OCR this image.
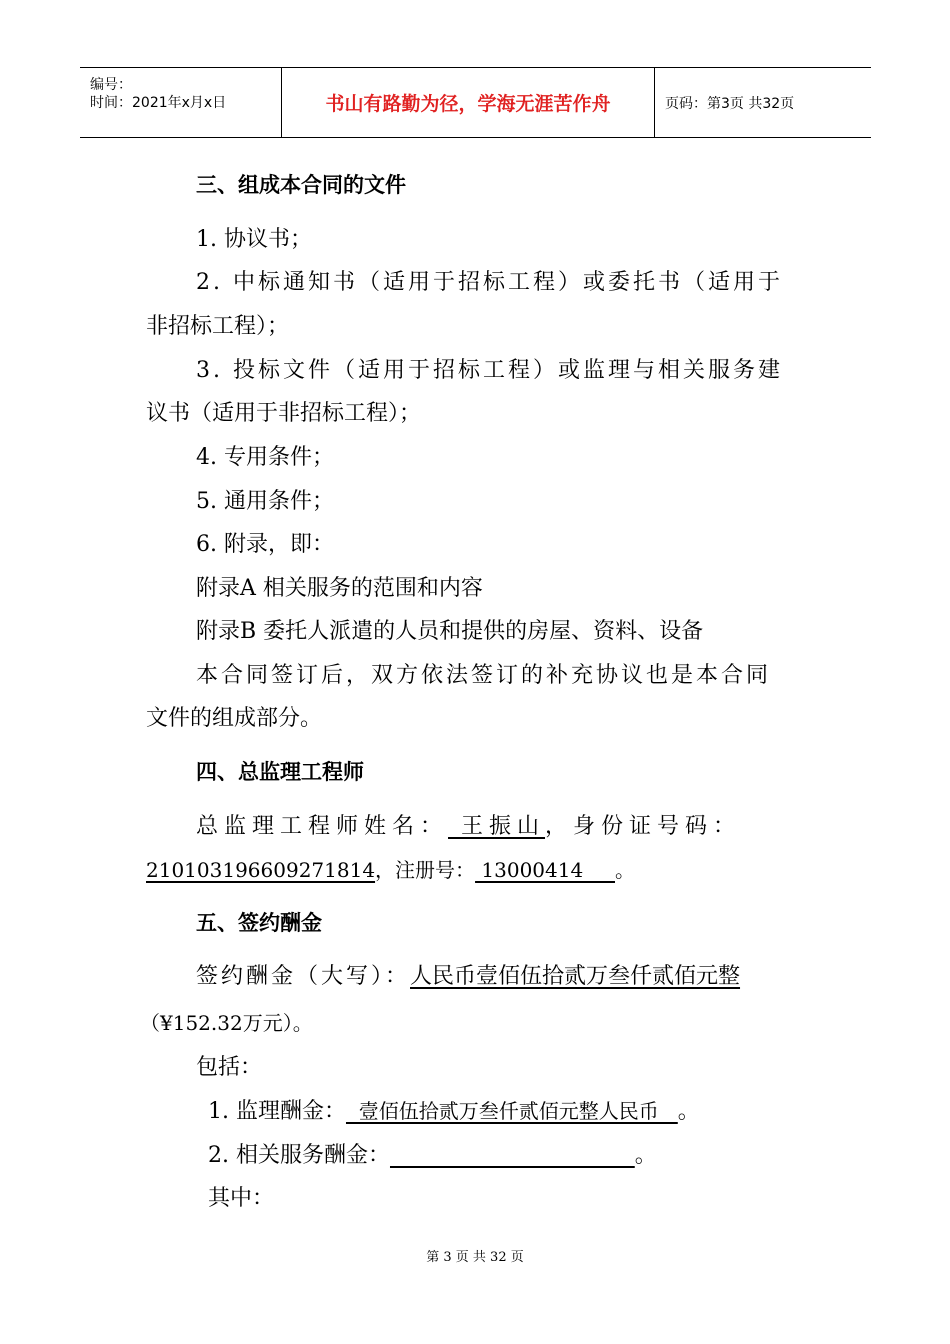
编号：
时间：2021年x月x日	书山有路勤为径，学海无涯苦作舟	页码：第3页 共32页
三、组成本合同的文件
1. 协议书；
2. 中标通知书（适用于招标工程）或委托书（适用于
非招标工程）；
3. 投标文件（适用于招标工程）或监理与相关服务建
议书（适用于非招标工程）；
4. 专用条件；
5. 通用条件；
6. 附录，即：
附录A 相关服务的范围和内容
附录B 委托人派遣的人员和提供的房屋、资料、设备
本合同签订后，双方依法签订的补充协议也是本合同
文件的组成部分。
四、总监理工程师
总监理工程师姓名： 王振山，身份证号码：
210103196609271814，注册号： 13000414     。
五、签约酬金
签约酬金（大写）：人民币壹佰伍拾贰万叁仟贰佰元整
（¥152.32万元）。
包括：
1. 监理酬金：  壹佰伍拾贰万叁仟贰佰元整人民币   。
2. 相关服务酬金：	。
其中：
第 3 页 共 32 页
